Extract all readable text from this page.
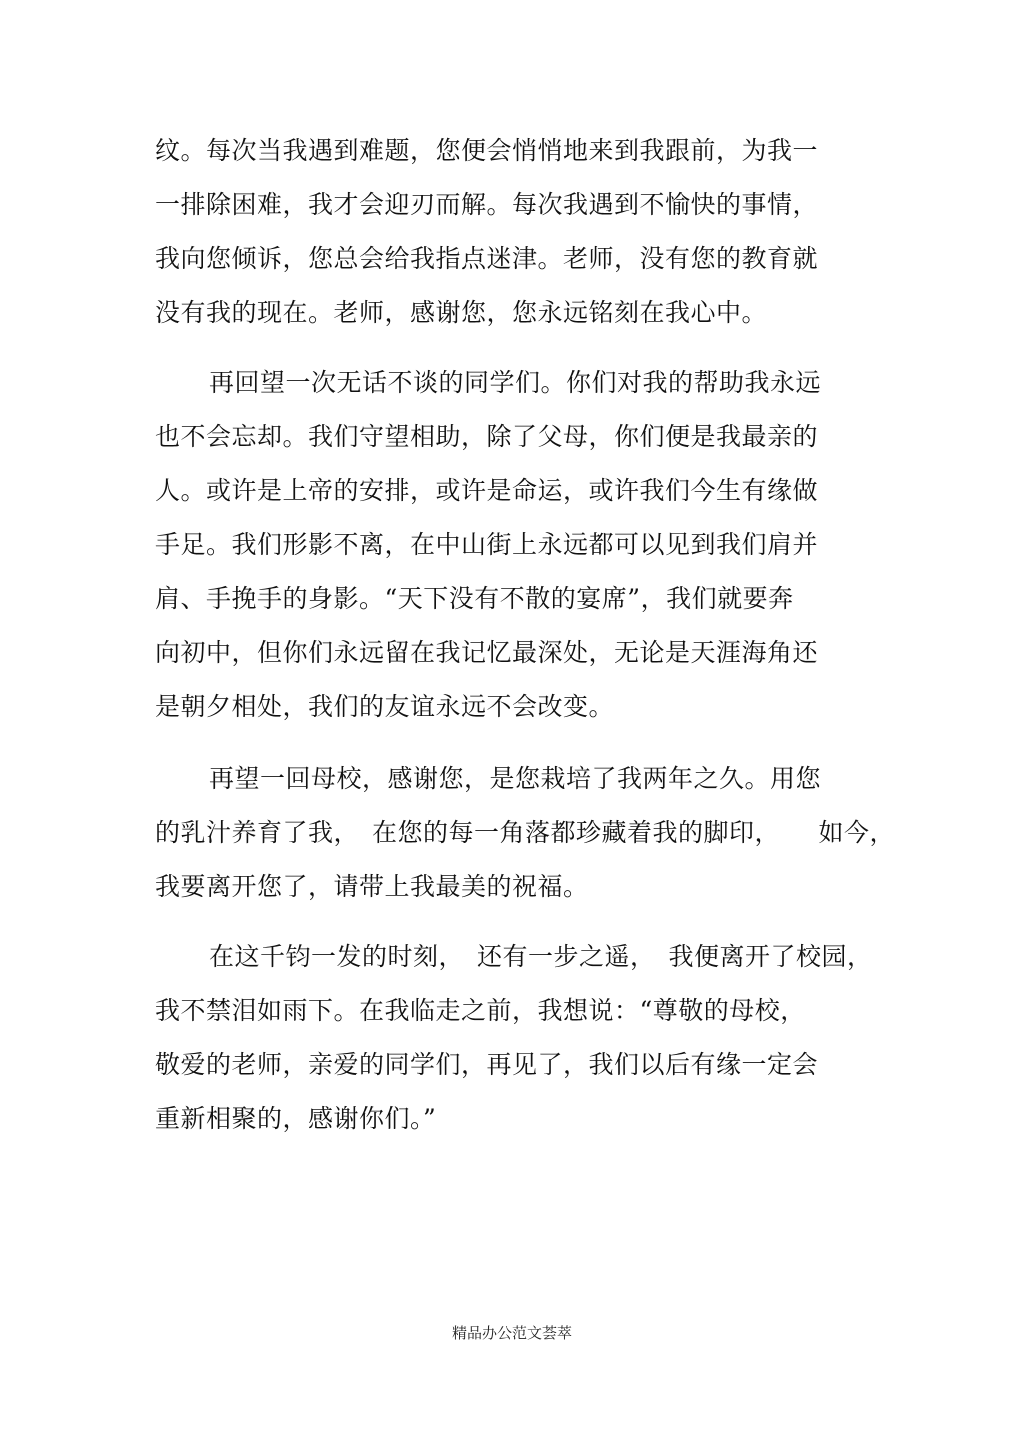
纹。每次当我遇到难题，您便会悄悄地来到我跟前，为我一
一排除困难，我才会迎刃而解。每次我遇到不愉快的事情，
我向您倾诉，您总会给我指点迷津。老师，没有您的教育就
没有我的现在。老师，感谢您，您永远铭刻在我心中。
再回望一次无话不谈的同学们。你们对我的帮助我永远
也不会忘却。我们守望相助，除了父母，你们便是我最亲的
人。或许是上帝的安排，或许是命运，或许我们今生有缘做
手足。我们形影不离，在中山街上永远都可以见到我们肩并
肩、手挽手的身影。“天下没有不散的宴席”，我们就要奔
向初中，但你们永远留在我记忆最深处，无论是天涯海角还
是朝夕相处，我们的友谊永远不会改变。
再望一回母校，感谢您，是您栽培了我两年之久。用您
的乳汁养育了我，　在您的每一角落都珍藏着我的脚印，　　如今，
我要离开您了，请带上我最美的祝福。
在这千钧一发的时刻，　还有一步之遥，　我便离开了校园，
我不禁泪如雨下。在我临走之前，我想说：“尊敬的母校，
敬爱的老师，亲爱的同学们，再见了，我们以后有缘一定会
重新相聚的，感谢你们。”
精品办公范文荟萃
